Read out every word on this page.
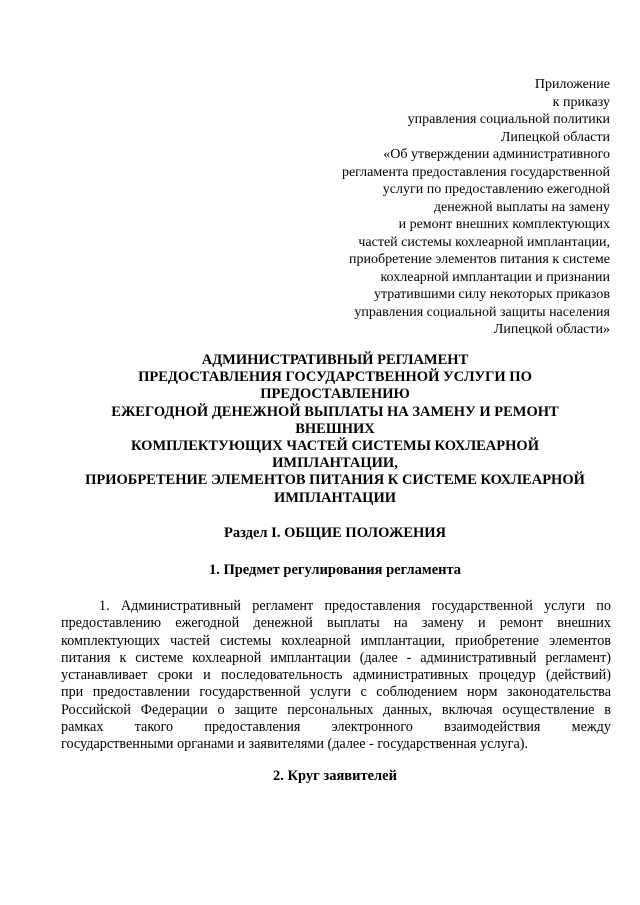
Приложение
к приказу
управления социальной политики
Липецкой области
«Об утверждении административного
регламента предоставления государственной
услуги по предоставлению ежегодной
денежной выплаты на замену
и ремонт внешних комплектующих
частей системы кохлеарной имплантации,
приобретение элементов питания к системе
кохлеарной имплантации и признании
утратившими силу некоторых приказов
управления социальной защиты населения
Липецкой области»
АДМИНИСТРАТИВНЫЙ РЕГЛАМЕНТ
ПРЕДОСТАВЛЕНИЯ ГОСУДАРСТВЕННОЙ УСЛУГИ ПО
ПРЕДОСТАВЛЕНИЮ
ЕЖЕГОДНОЙ ДЕНЕЖНОЙ ВЫПЛАТЫ НА ЗАМЕНУ И РЕМОНТ
ВНЕШНИХ
КОМПЛЕКТУЮЩИХ ЧАСТЕЙ СИСТЕМЫ КОХЛЕАРНОЙ
ИМПЛАНТАЦИИ,
ПРИОБРЕТЕНИЕ ЭЛЕМЕНТОВ ПИТАНИЯ К СИСТЕМЕ КОХЛЕАРНОЙ
ИМПЛАНТАЦИИ
Раздел I. ОБЩИЕ ПОЛОЖЕНИЯ
1. Предмет регулирования регламента
1. Административный регламент предоставления государственной услуги по
предоставлению ежегодной денежной выплаты на замену и ремонт внешних
комплектующих частей системы кохлеарной имплантации, приобретение элементов
питания к системе кохлеарной имплантации (далее - административный регламент)
устанавливает сроки и последовательность административных процедур (действий)
при предоставлении государственной услуги с соблюдением норм законодательства
Российской Федерации о защите персональных данных, включая осуществление в
рамках такого предоставления электронного взаимодействия между
государственными органами и заявителями (далее - государственная услуга).
2. Круг заявителей
